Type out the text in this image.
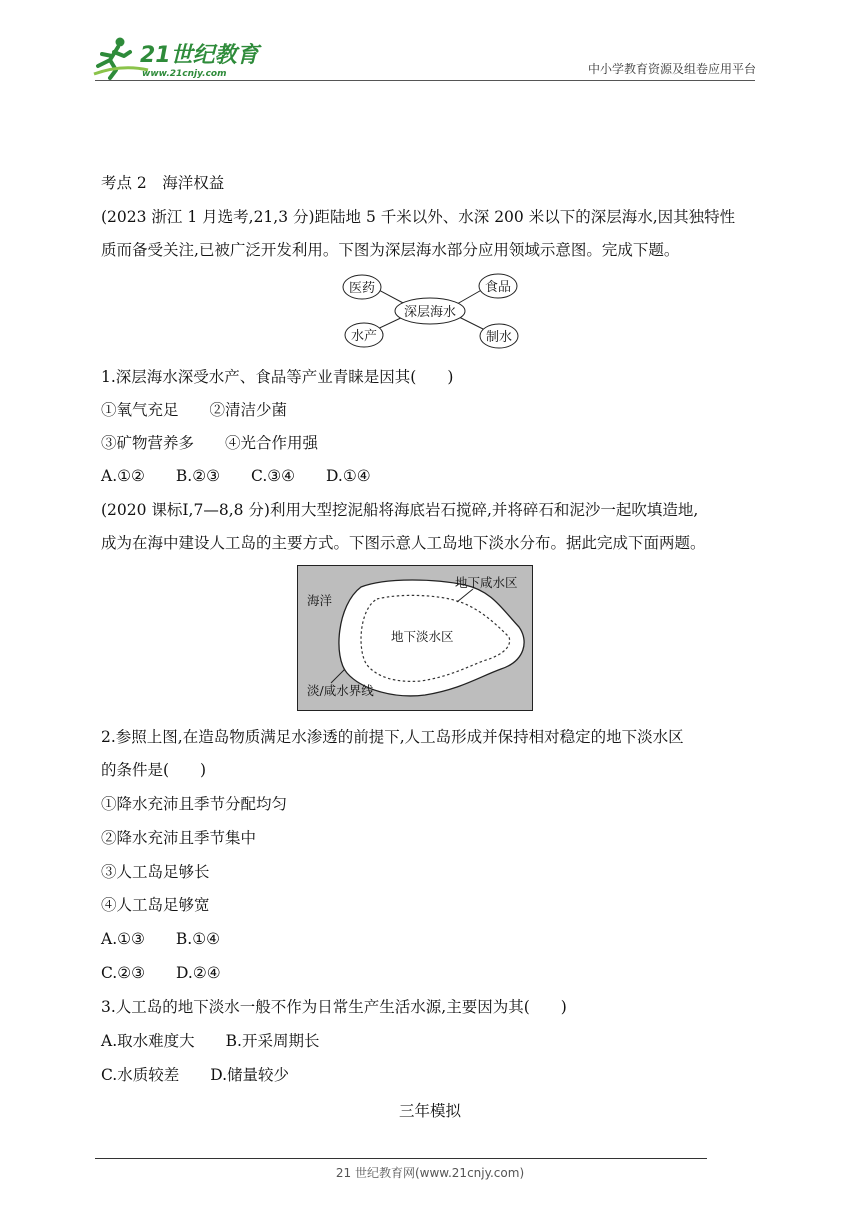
21世纪教育
www.21cnjy.com	中小学教育资源及组卷应用平台
考点 2　海洋权益
(2023 浙江 1 月选考,21,3 分)距陆地 5 千米以外、水深 200 米以下的深层海水,因其独特性
质而备受关注,已被广泛开发利用。下图为深层海水部分应用领域示意图。完成下题。
医药	食品
水产	制水
深层海水
1.深层海水深受水产、食品等产业青睐是因其(　　)
①氧气充足　　②清洁少菌
③矿物营养多　　④光合作用强
A.①②　　B.②③　　C.③④　　D.①④
(2020 课标Ⅰ,7—8,8 分)利用大型挖泥船将海底岩石搅碎,并将碎石和泥沙一起吹填造地,
成为在海中建设人工岛的主要方式。下图示意人工岛地下淡水分布。据此完成下面两题。
海洋
地下咸水区
地下淡水区
淡/咸水界线
2.参照上图,在造岛物质满足水渗透的前提下,人工岛形成并保持相对稳定的地下淡水区
的条件是(　　)
①降水充沛且季节分配均匀
②降水充沛且季节集中
③人工岛足够长
④人工岛足够宽
A.①③　　B.①④
C.②③　　D.②④
3.人工岛的地下淡水一般不作为日常生产生活水源,主要因为其(　　)
A.取水难度大　　B.开采周期长
C.水质较差　　D.储量较少
三年模拟
21 世纪教育网(www.21cnjy.com)
